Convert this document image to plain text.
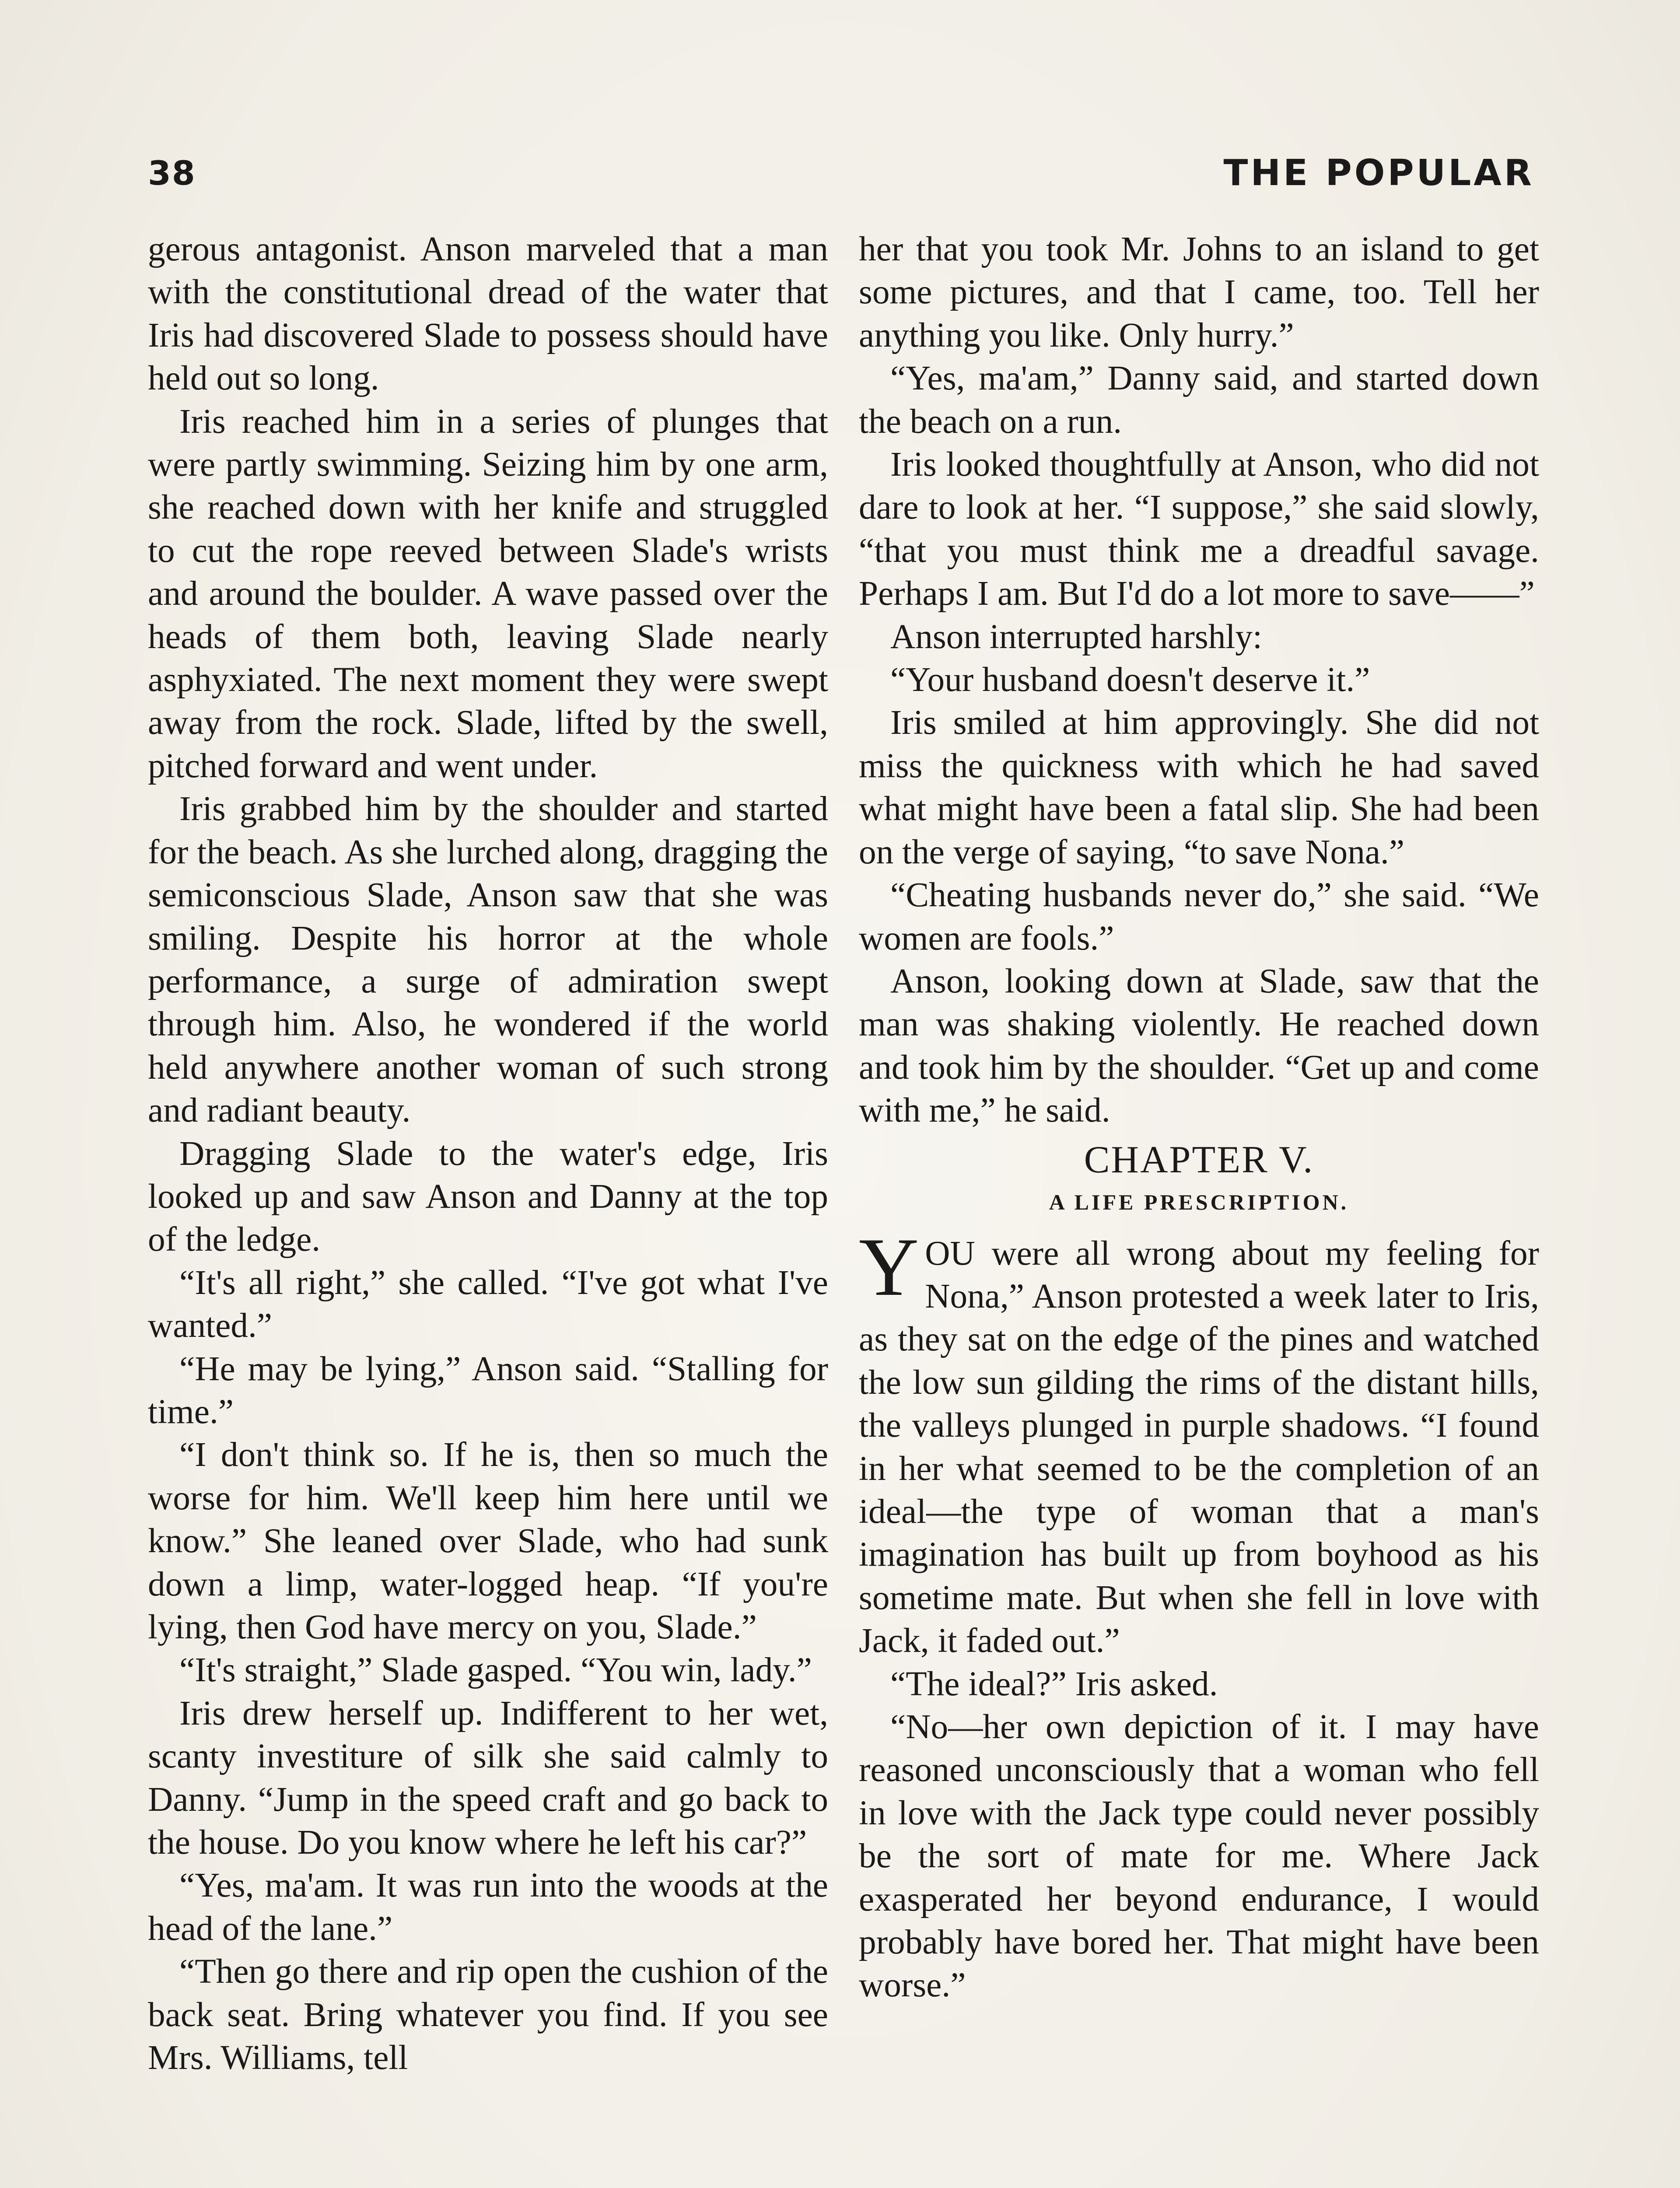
38	THE POPULAR

gerous antagonist. Anson marveled that a man with the constitutional dread of the water that Iris had discovered Slade to possess should have held out so long.

Iris reached him in a series of plunges that were partly swimming. Seizing him by one arm, she reached down with her knife and struggled to cut the rope reeved between Slade's wrists and around the boulder. A wave passed over the heads of them both, leaving Slade nearly asphyxiated. The next moment they were swept away from the rock. Slade, lifted by the swell, pitched forward and went under.

Iris grabbed him by the shoulder and started for the beach. As she lurched along, dragging the semiconscious Slade, Anson saw that she was smiling. Despite his horror at the whole performance, a surge of admiration swept through him. Also, he wondered if the world held anywhere another woman of such strong and radiant beauty.

Dragging Slade to the water's edge, Iris looked up and saw Anson and Danny at the top of the ledge.

“It's all right,” she called. “I've got what I've wanted.”

“He may be lying,” Anson said. “Stalling for time.”

“I don't think so. If he is, then so much the worse for him. We'll keep him here until we know.” She leaned over Slade, who had sunk down a limp, water-logged heap. “If you're lying, then God have mercy on you, Slade.”

“It's straight,” Slade gasped. “You win, lady.”

Iris drew herself up. Indifferent to her wet, scanty investiture of silk she said calmly to Danny. “Jump in the speed craft and go back to the house. Do you know where he left his car?”

“Yes, ma'am. It was run into the woods at the head of the lane.”

“Then go there and rip open the cushion of the back seat. Bring whatever you find. If you see Mrs. Williams, tell

her that you took Mr. Johns to an island to get some pictures, and that I came, too. Tell her anything you like. Only hurry.”

“Yes, ma'am,” Danny said, and started down the beach on a run.

Iris looked thoughtfully at Anson, who did not dare to look at her. “I suppose,” she said slowly, “that you must think me a dreadful savage. Perhaps I am. But I'd do a lot more to save——”

Anson interrupted harshly:

“Your husband doesn't deserve it.”

Iris smiled at him approvingly. She did not miss the quickness with which he had saved what might have been a fatal slip. She had been on the verge of saying, “to save Nona.”

“Cheating husbands never do,” she said. “We women are fools.”

Anson, looking down at Slade, saw that the man was shaking violently. He reached down and took him by the shoulder. “Get up and come with me,” he said.

CHAPTER V.
A LIFE PRESCRIPTION.

YOU were all wrong about my feeling for Nona,” Anson protested a week later to Iris, as they sat on the edge of the pines and watched the low sun gilding the rims of the distant hills, the valleys plunged in purple shadows. “I found in her what seemed to be the completion of an ideal—the type of woman that a man's imagination has built up from boyhood as his sometime mate. But when she fell in love with Jack, it faded out.”

“The ideal?” Iris asked.

“No—her own depiction of it. I may have reasoned unconsciously that a woman who fell in love with the Jack type could never possibly be the sort of mate for me. Where Jack exasperated her beyond endurance, I would probably have bored her. That might have been worse.”
